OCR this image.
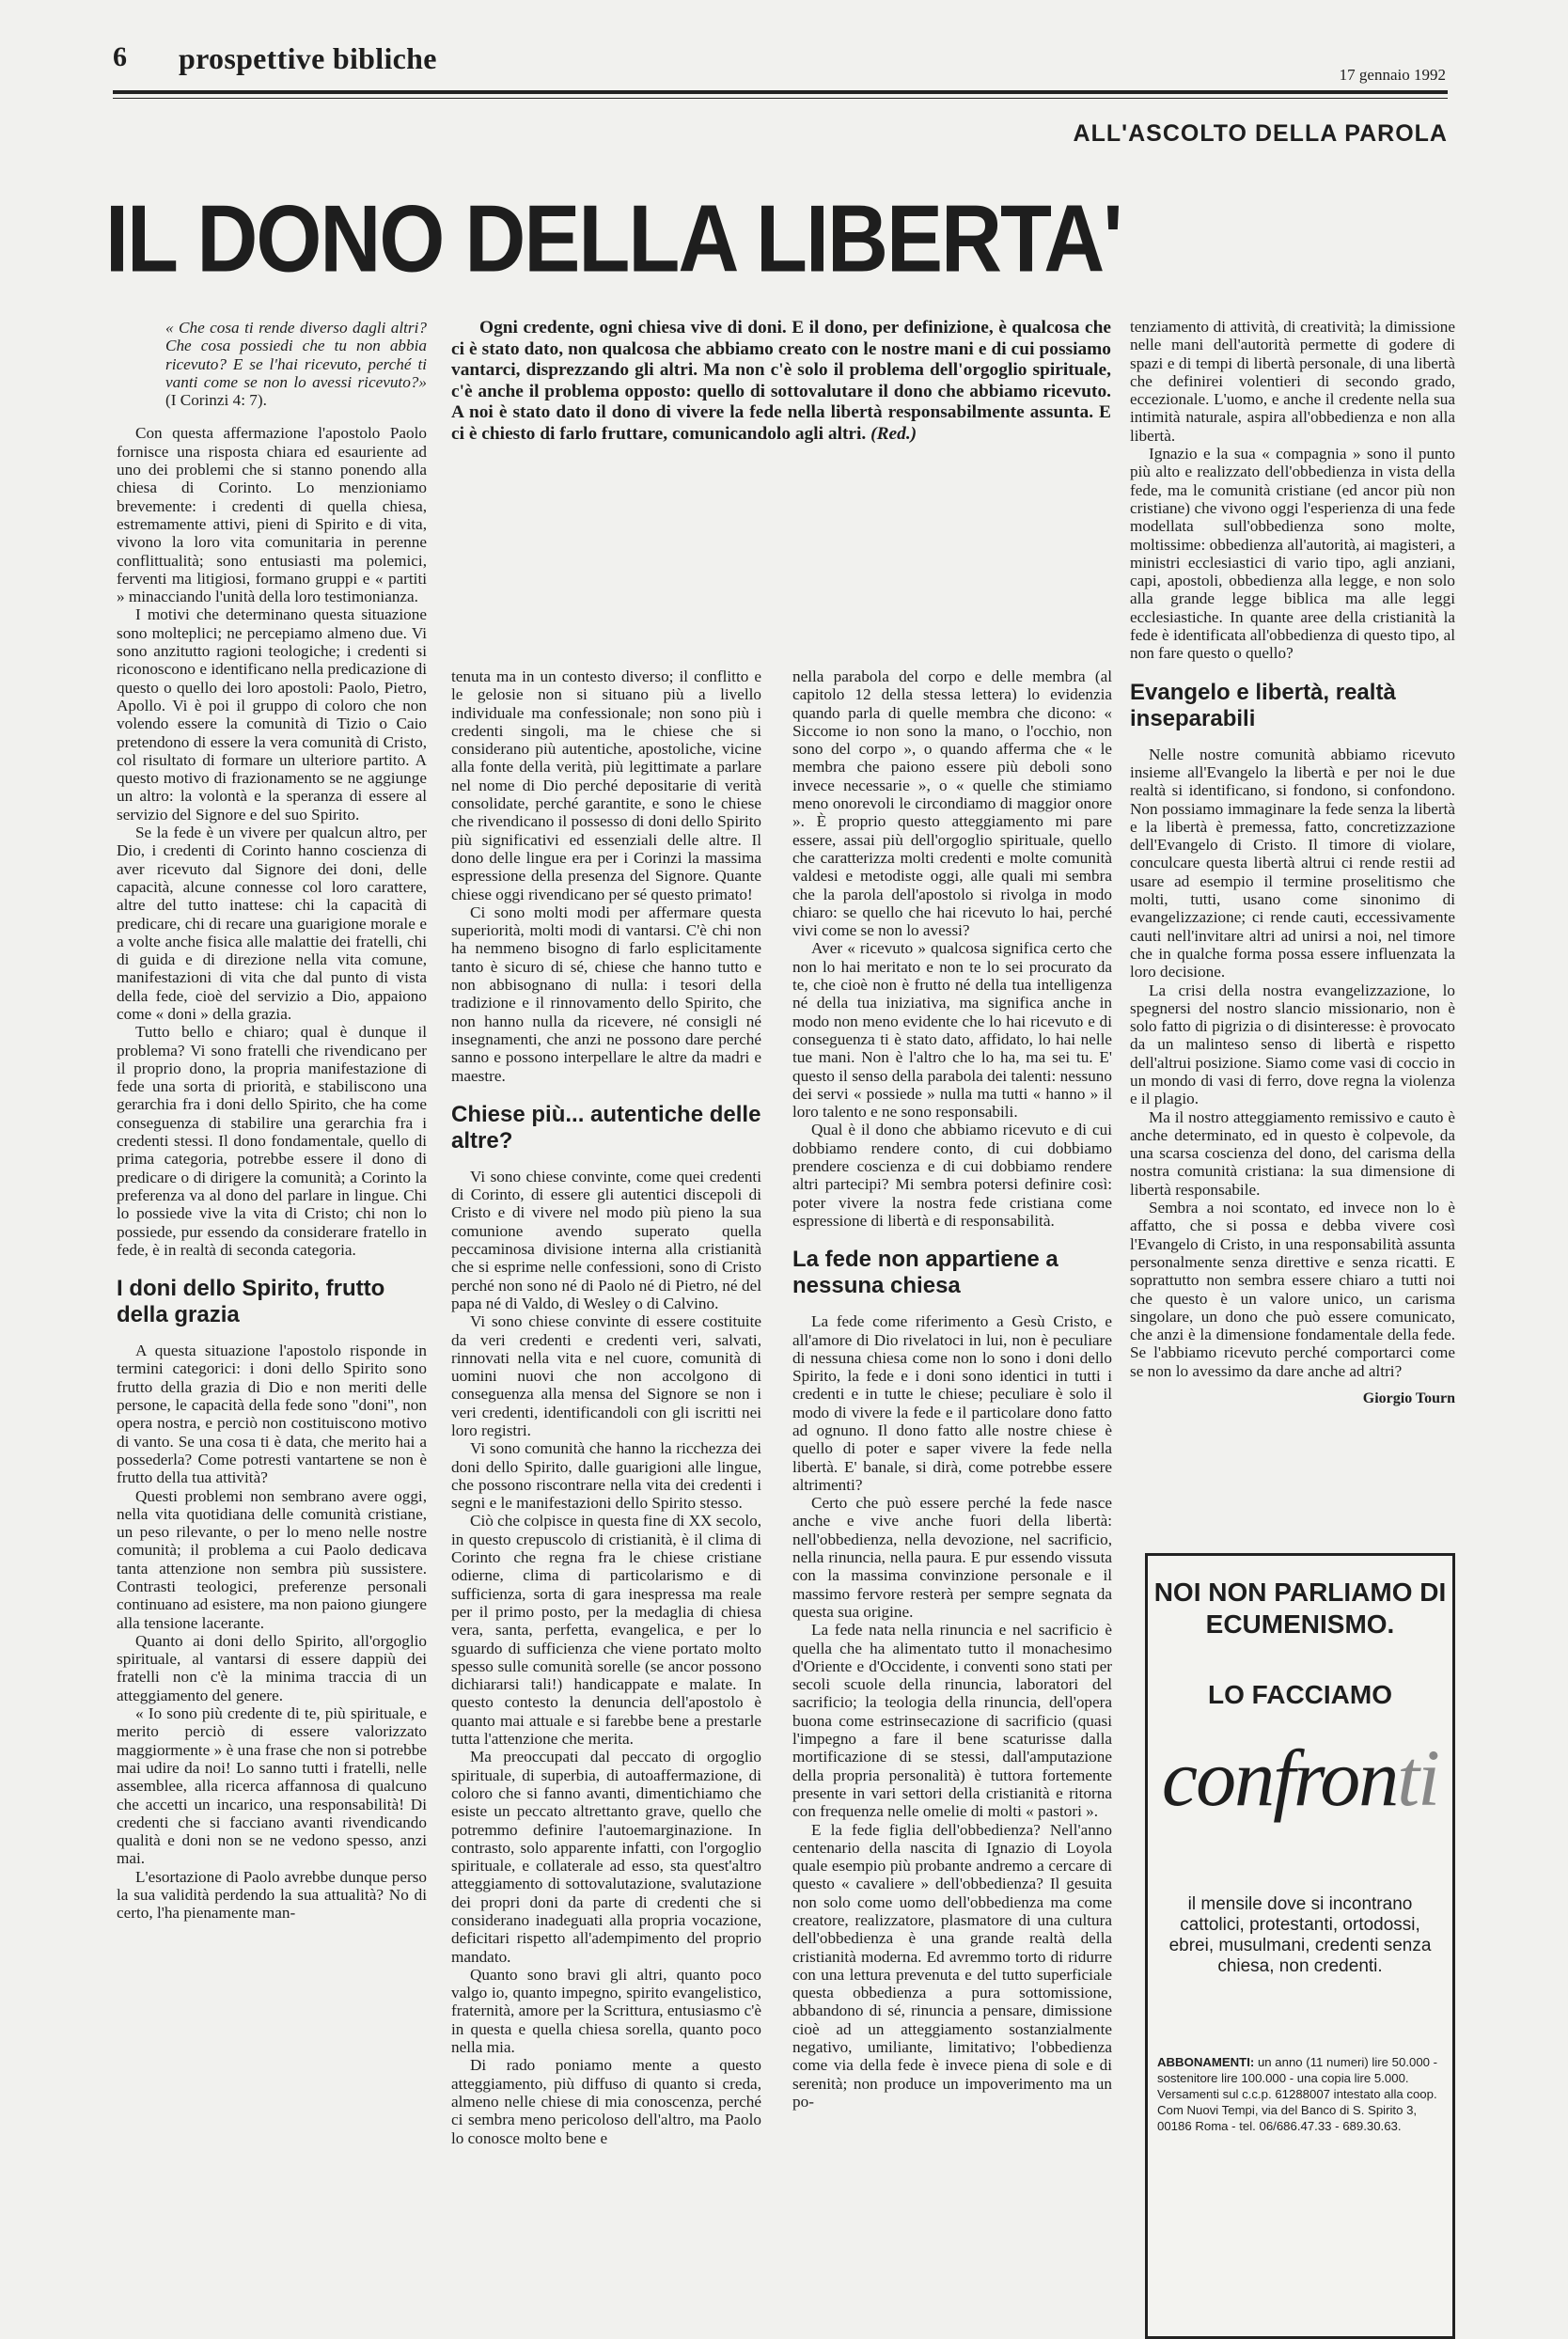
6 prospettive bibliche	17 gennaio 1992
ALL'ASCOLTO DELLA PAROLA
IL DONO DELLA LIBERTA'
Ogni credente, ogni chiesa vive di doni. E il dono, per definizione, è qualcosa che ci è stato dato, non qualcosa che abbiamo creato con le nostre mani e di cui possiamo vantarci, disprezzando gli altri. Ma non c'è solo il problema dell'orgoglio spirituale, c'è anche il problema opposto: quello di sottovalutare il dono che abbiamo ricevuto. A noi è stato dato il dono di vivere la fede nella libertà responsabilmente assunta. E ci è chiesto di farlo fruttare, comunicandolo agli altri. (Red.)

« Che cosa ti rende diverso dagli altri? Che cosa possiedi che tu non abbia ricevuto? E se l'hai ricevuto, perché ti vanti come se non lo avessi ricevuto?» (I Corinzi 4: 7).

Con questa affermazione l'apostolo Paolo fornisce una risposta chiara ed esauriente ad uno dei problemi che si stanno ponendo alla chiesa di Corinto. Lo menzioniamo brevemente: i credenti di quella chiesa, estremamente attivi, pieni di Spirito e di vita, vivono la loro vita comunitaria in perenne conflittualità; sono entusiasti ma polemici, ferventi ma litigiosi, formano gruppi e « partiti » minacciando l'unità della loro testimonianza.

I motivi che determinano questa situazione sono molteplici; ne percepiamo almeno due. Vi sono anzitutto ragioni teologiche; i credenti si riconoscono e identificano nella predicazione di questo o quello dei loro apostoli: Paolo, Pietro, Apollo. Vi è poi il gruppo di coloro che non volendo essere la comunità di Tizio o Caio pretendono di essere la vera comunità di Cristo, col risultato di formare un ulteriore partito. A questo motivo di frazionamento se ne aggiunge un altro: la volontà e la speranza di essere al servizio del Signore e del suo Spirito.

Se la fede è un vivere per qualcun altro, per Dio, i credenti di Corinto hanno coscienza di aver ricevuto dal Signore dei doni, delle capacità, alcune connesse col loro carattere, altre del tutto inattese: chi la capacità di predicare, chi di recare una guarigione morale e a volte anche fisica alle malattie dei fratelli, chi di guida e di direzione nella vita comune, manifestazioni di vita che dal punto di vista della fede, cioè del servizio a Dio, appaiono come « doni » della grazia.

Tutto bello e chiaro; qual è dunque il problema? Vi sono fratelli che rivendicano per il proprio dono, la propria manifestazione di fede una sorta di priorità, e stabiliscono una gerarchia fra i doni dello Spirito, che ha come conseguenza di stabilire una gerarchia fra i credenti stessi. Il dono fondamentale, quello di prima categoria, potrebbe essere il dono di predicare o di dirigere la comunità; a Corinto la preferenza va al dono del parlare in lingue. Chi lo possiede vive la vita di Cristo; chi non lo possiede, pur essendo da considerare fratello in fede, è in realtà di seconda categoria.

I doni dello Spirito, frutto della grazia

A questa situazione l'apostolo risponde in termini categorici: i doni dello Spirito sono frutto della grazia di Dio e non meriti delle persone, le capacità della fede sono "doni", non opera nostra, e perciò non costituiscono motivo di vanto. Se una cosa ti è data, che merito hai a possederla? Come potresti vantartene se non è frutto della tua attività?

Questi problemi non sembrano avere oggi, nella vita quotidiana delle comunità cristiane, un peso rilevante, o per lo meno nelle nostre comunità; il problema a cui Paolo dedicava tanta attenzione non sembra più sussistere. Contrasti teologici, preferenze personali continuano ad esistere, ma non paiono giungere alla tensione lacerante.

Quanto ai doni dello Spirito, all'orgoglio spirituale, al vantarsi di essere dappiù dei fratelli non c'è la minima traccia di un atteggiamento del genere.

« Io sono più credente di te, più spirituale, e merito perciò di essere valorizzato maggiormente » è una frase che non si potrebbe mai udire da noi! Lo sanno tutti i fratelli, nelle assemblee, alla ricerca affannosa di qualcuno che accetti un incarico, una responsabilità! Di credenti che si facciano avanti rivendicando qualità e doni non se ne vedono spesso, anzi mai.

L'esortazione di Paolo avrebbe dunque perso la sua validità perdendo la sua attualità? No di certo, l'ha pienamente man-

tenuta ma in un contesto diverso; il conflitto e le gelosie non si situano più a livello individuale ma confessionale; non sono più i credenti singoli, ma le chiese che si considerano più autentiche, apostoliche, vicine alla fonte della verità, più legittimate a parlare nel nome di Dio perché depositarie di verità consolidate, perché garantite, e sono le chiese che rivendicano il possesso di doni dello Spirito più significativi ed essenziali delle altre. Il dono delle lingue era per i Corinzi la massima espressione della presenza del Signore. Quante chiese oggi rivendicano per sé questo primato!

Ci sono molti modi per affermare questa superiorità, molti modi di vantarsi. C'è chi non ha nemmeno bisogno di farlo esplicitamente tanto è sicuro di sé, chiese che hanno tutto e non abbisognano di nulla: i tesori della tradizione e il rinnovamento dello Spirito, che non hanno nulla da ricevere, né consigli né insegnamenti, che anzi ne possono dare perché sanno e possono interpellare le altre da madri e maestre.

Chiese più... autentiche delle altre?

Vi sono chiese convinte, come quei credenti di Corinto, di essere gli autentici discepoli di Cristo e di vivere nel modo più pieno la sua comunione avendo superato quella peccaminosa divisione interna alla cristianità che si esprime nelle confessioni, sono di Cristo perché non sono né di Paolo né di Pietro, né del papa né di Valdo, di Wesley o di Calvino.

Vi sono chiese convinte di essere costituite da veri credenti e credenti veri, salvati, rinnovati nella vita e nel cuore, comunità di uomini nuovi che non accolgono di conseguenza alla mensa del Signore se non i veri credenti, identificandoli con gli iscritti nei loro registri.

Vi sono comunità che hanno la ricchezza dei doni dello Spirito, dalle guarigioni alle lingue, che possono riscontrare nella vita dei credenti i segni e le manifestazioni dello Spirito stesso.

Ciò che colpisce in questa fine di XX secolo, in questo crepuscolo di cristianità, è il clima di Corinto che regna fra le chiese cristiane odierne, clima di particolarismo e di sufficienza, sorta di gara inespressa ma reale per il primo posto, per la medaglia di chiesa vera, santa, perfetta, evangelica, e per lo sguardo di sufficienza che viene portato molto spesso sulle comunità sorelle (se ancor possono dichiararsi tali!) handicappate e malate. In questo contesto la denuncia dell'apostolo è quanto mai attuale e si farebbe bene a prestarle tutta l'attenzione che merita.

Ma preoccupati dal peccato di orgoglio spirituale, di superbia, di autoaffermazione, di coloro che si fanno avanti, dimentichiamo che esiste un peccato altrettanto grave, quello che potremmo definire l'autoemarginazione. In contrasto, solo apparente infatti, con l'orgoglio spirituale, e collaterale ad esso, sta quest'altro atteggiamento di sottovalutazione, svalutazione dei propri doni da parte di credenti che si considerano inadeguati alla propria vocazione, deficitari rispetto all'adempimento del proprio mandato.

Quanto sono bravi gli altri, quanto poco valgo io, quanto impegno, spirito evangelistico, fraternità, amore per la Scrittura, entusiasmo c'è in questa e quella chiesa sorella, quanto poco nella mia.

Di rado poniamo mente a questo atteggiamento, più diffuso di quanto si creda, almeno nelle chiese di mia conoscenza, perché ci sembra meno pericoloso dell'altro, ma Paolo lo conosce molto bene e

nella parabola del corpo e delle membra (al capitolo 12 della stessa lettera) lo evidenzia quando parla di quelle membra che dicono: « Siccome io non sono la mano, o l'occhio, non sono del corpo », o quando afferma che « le membra che paiono essere più deboli sono invece necessarie », o « quelle che stimiamo meno onorevoli le circondiamo di maggior onore ». È proprio questo atteggiamento mi pare essere, assai più dell'orgoglio spirituale, quello che caratterizza molti credenti e molte comunità valdesi e metodiste oggi, alle quali mi sembra che la parola dell'apostolo si rivolga in modo chiaro: se quello che hai ricevuto lo hai, perché vivi come se non lo avessi?

Aver « ricevuto » qualcosa significa certo che non lo hai meritato e non te lo sei procurato da te, che cioè non è frutto né della tua intelligenza né della tua iniziativa, ma significa anche in modo non meno evidente che lo hai ricevuto e di conseguenza ti è stato dato, affidato, lo hai nelle tue mani. Non è l'altro che lo ha, ma sei tu. E' questo il senso della parabola dei talenti: nessuno dei servi « possiede » nulla ma tutti « hanno » il loro talento e ne sono responsabili.

Qual è il dono che abbiamo ricevuto e di cui dobbiamo rendere conto, di cui dobbiamo prendere coscienza e di cui dobbiamo rendere altri partecipi? Mi sembra potersi definire così: poter vivere la nostra fede cristiana come espressione di libertà e di responsabilità.

La fede non appartiene a nessuna chiesa

La fede come riferimento a Gesù Cristo, e all'amore di Dio rivelatoci in lui, non è peculiare di nessuna chiesa come non lo sono i doni dello Spirito, la fede e i doni sono identici in tutti i credenti e in tutte le chiese; peculiare è solo il modo di vivere la fede e il particolare dono fatto ad ognuno. Il dono fatto alle nostre chiese è quello di poter e saper vivere la fede nella libertà. E' banale, si dirà, come potrebbe essere altrimenti?

Certo che può essere perché la fede nasce anche e vive anche fuori della libertà: nell'obbedienza, nella devozione, nel sacrificio, nella rinuncia, nella paura. E pur essendo vissuta con la massima convinzione personale e il massimo fervore resterà per sempre segnata da questa sua origine.

La fede nata nella rinuncia e nel sacrificio è quella che ha alimentato tutto il monachesimo d'Oriente e d'Occidente, i conventi sono stati per secoli scuole della rinuncia, laboratori del sacrificio; la teologia della rinuncia, dell'opera buona come estrinsecazione di sacrificio (quasi l'impegno a fare il bene scaturisse dalla mortificazione di se stessi, dall'amputazione della propria personalità) è tuttora fortemente presente in vari settori della cristianità e ritorna con frequenza nelle omelie di molti « pastori ».

E la fede figlia dell'obbedienza? Nell'anno centenario della nascita di Ignazio di Loyola quale esempio più probante andremo a cercare di questo « cavaliere » dell'obbedienza? Il gesuita non solo come uomo dell'obbedienza ma come creatore, realizzatore, plasmatore di una cultura dell'obbedienza è una grande realtà della cristianità moderna. Ed avremmo torto di ridurre con una lettura prevenuta e del tutto superficiale questa obbedienza a pura sottomissione, abbandono di sé, rinuncia a pensare, dimissione cioè ad un atteggiamento sostanzialmente negativo, umiliante, limitativo; l'obbedienza come via della fede è invece piena di sole e di serenità; non produce un impoverimento ma un po-

tenziamento di attività, di creatività; la dimissione nelle mani dell'autorità permette di godere di spazi e di tempi di libertà personale, di una libertà che definirei volentieri di secondo grado, eccezionale. L'uomo, e anche il credente nella sua intimità naturale, aspira all'obbedienza e non alla libertà.

Ignazio e la sua « compagnia » sono il punto più alto e realizzato dell'obbedienza in vista della fede, ma le comunità cristiane (ed ancor più non cristiane) che vivono oggi l'esperienza di una fede modellata sull'obbedienza sono molte, moltissime: obbedienza all'autorità, ai magisteri, a ministri ecclesiastici di vario tipo, agli anziani, capi, apostoli, obbedienza alla legge, e non solo alla grande legge biblica ma alle leggi ecclesiastiche. In quante aree della cristianità la fede è identificata all'obbedienza di questo tipo, al non fare questo o quello?

Evangelo e libertà, realtà inseparabili

Nelle nostre comunità abbiamo ricevuto insieme all'Evangelo la libertà e per noi le due realtà si identificano, si fondono, si confondono. Non possiamo immaginare la fede senza la libertà e la libertà è premessa, fatto, concretizzazione dell'Evangelo di Cristo. Il timore di violare, conculcare questa libertà altrui ci rende restii ad usare ad esempio il termine proselitismo che molti, tutti, usano come sinonimo di evangelizzazione; ci rende cauti, eccessivamente cauti nell'invitare altri ad unirsi a noi, nel timore che in qualche forma possa essere influenzata la loro decisione.

La crisi della nostra evangelizzazione, lo spegnersi del nostro slancio missionario, non è solo fatto di pigrizia o di disinteresse: è provocato da un malinteso senso di libertà e rispetto dell'altrui posizione. Siamo come vasi di coccio in un mondo di vasi di ferro, dove regna la violenza e il plagio.

Ma il nostro atteggiamento remissivo e cauto è anche determinato, ed in questo è colpevole, da una scarsa coscienza del dono, del carisma della nostra comunità cristiana: la sua dimensione di libertà responsabile.

Sembra a noi scontato, ed invece non lo è affatto, che si possa e debba vivere così l'Evangelo di Cristo, in una responsabilità assunta personalmente senza direttive e senza ricatti. E soprattutto non sembra essere chiaro a tutti noi che questo è un valore unico, un carisma singolare, un dono che può essere comunicato, che anzi è la dimensione fondamentale della fede. Se l'abbiamo ricevuto perché comportarci come se non lo avessimo da dare anche ad altri?

Giorgio Tourn

NOI NON PARLIAMO DI ECUMENISMO.
LO FACCIAMO
confronti
il mensile dove si incontrano cattolici, protestanti, ortodossi, ebrei, musulmani, credenti senza chiesa, non credenti.
ABBONAMENTI: un anno (11 numeri) lire 50.000 - sostenitore lire 100.000 - una copia lire 5.000. Versamenti sul c.c.p. 61288007 intestato alla coop. Com Nuovi Tempi, via del Banco di S. Spirito 3, 00186 Roma - tel. 06/686.47.33 - 689.30.63.
